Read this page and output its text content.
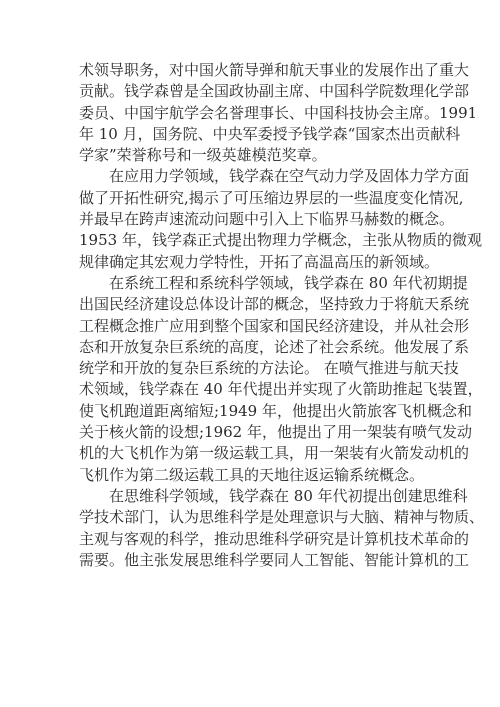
术领导职务，对中国火箭导弹和航天事业的发展作出了重大
贡献。钱学森曾是全国政协副主席、中国科学院数理化学部
委员、中国宇航学会名誉理事长、中国科技协会主席。1991
年 10 月，国务院、中央军委授予钱学森“国家杰出贡献科
学家”荣誉称号和一级英雄模范奖章。
在应用力学领域，钱学森在空气动力学及固体力学方面
做了开拓性研究,揭示了可压缩边界层的一些温度变化情况,
并最早在跨声速流动问题中引入上下临界马赫数的概念。
1953 年，钱学森正式提出物理力学概念，主张从物质的微观
规律确定其宏观力学特性，开拓了高温高压的新领域。
在系统工程和系统科学领域，钱学森在 80 年代初期提
出国民经济建设总体设计部的概念，坚持致力于将航天系统
工程概念推广应用到整个国家和国民经济建设，并从社会形
态和开放复杂巨系统的高度，论述了社会系统。他发展了系
统学和开放的复杂巨系统的方法论。 在喷气推进与航天技
术领域，钱学森在 40 年代提出并实现了火箭助推起飞装置，
使飞机跑道距离缩短;1949 年，他提出火箭旅客飞机概念和
关于核火箭的设想;1962 年，他提出了用一架装有喷气发动
机的大飞机作为第一级运载工具，用一架装有火箭发动机的
飞机作为第二级运载工具的天地往返运输系统概念。
在思维科学领域，钱学森在 80 年代初提出创建思维科
学技术部门，认为思维科学是处理意识与大脑、精神与物质、
主观与客观的科学，推动思维科学研究是计算机技术革命的
需要。他主张发展思维科学要同人工智能、智能计算机的工
